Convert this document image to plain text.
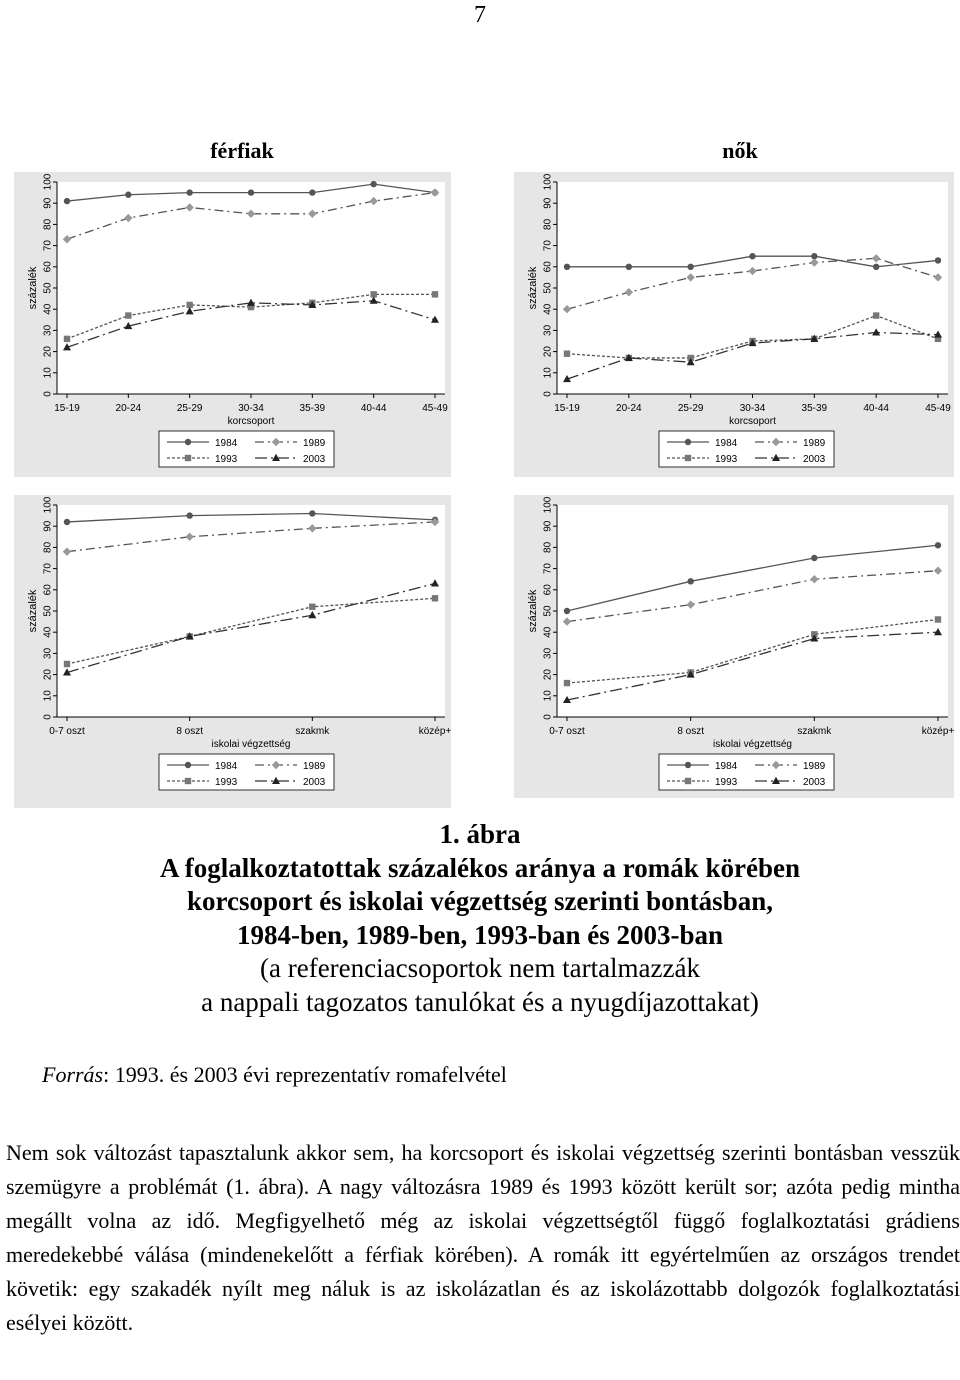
7
férfiak	nők
0
10
20
30
40
50
60
70
80
90
100
százalék
15-19	20-24	25-29	30-34	35-39	40-44	45-49
korcsoport
1984	1989
1993	2003
0
10
20
30
40
50
60
70
80
90
100
százalék
15-19	20-24	25-29	30-34	35-39	40-44	45-49
korcsoport
1984	1989
1993	2003
0
10
20
30
40
50
60
70
80
90
100
százalék
0-7 oszt	8 oszt	szakmk	közép+
iskolai végzettség
1984	1989
1993	2003
0
10
20
30
40
50
60
70
80
90
100
százalék
0-7 oszt	8 oszt	szakmk	közép+
iskolai végzettség
1984	1989
1993	2003
1. ábra
A foglalkoztatottak százalékos aránya a romák körében
korcsoport és iskolai végzettség szerinti bontásban,
1984-ben, 1989-ben, 1993-ban és 2003-ban
(a referenciacsoportok nem tartalmazzák
a nappali tagozatos tanulókat és a nyugdíjazottakat)
Forrás: 1993. és 2003 évi reprezentatív romafelvétel

Nem sok változást tapasztalunk akkor sem, ha korcsoport és iskolai végzettség szerinti bontásban vesszük szemügyre a problémát (1. ábra). A nagy változásra 1989 és 1993 között került sor; azóta pedig mintha megállt volna az idő. Megfigyelhető még az iskolai végzettségtől függő foglalkoztatási grádiens meredekebbé válása (mindenekelőtt a férfiak körében). A romák itt egyértelműen az országos trendet követik: egy szakadék nyílt meg náluk is az iskolázatlan és az iskolázottabb dolgozók foglalkoztatási esélyei között.
